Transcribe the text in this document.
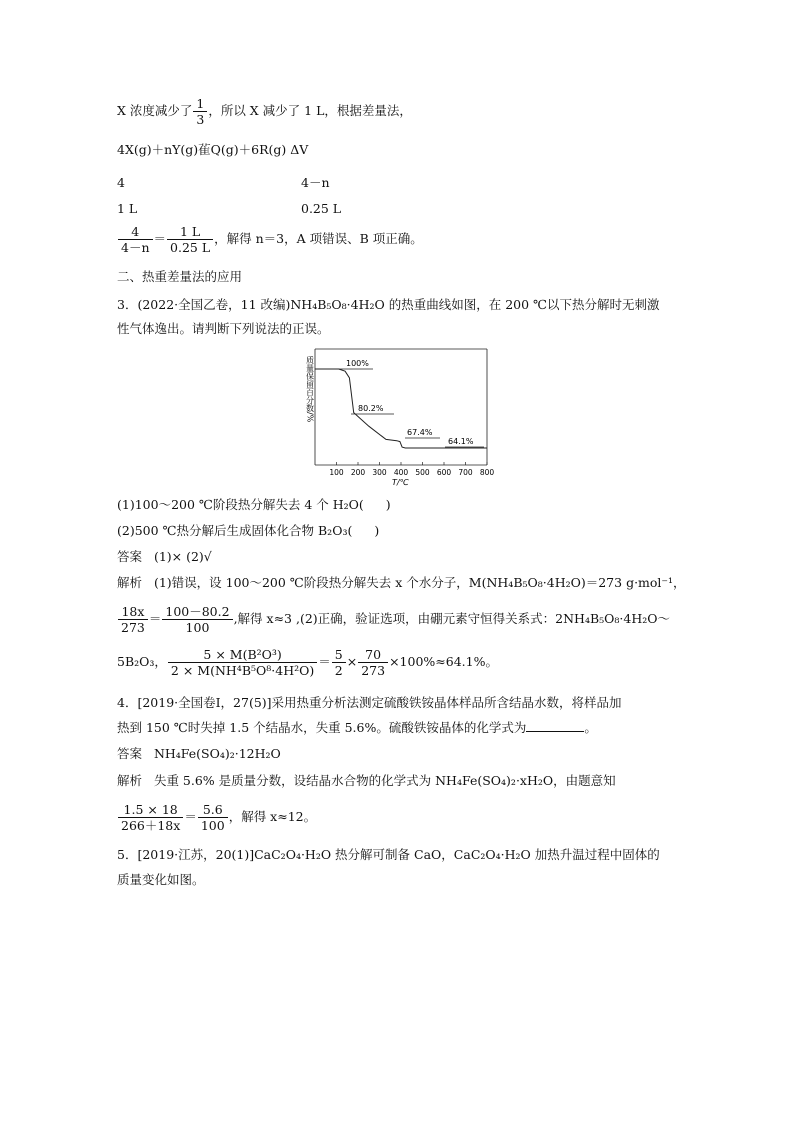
X 浓度减少了 $\frac{1}{3}$ ，所以 X 减少了 1 L，根据差量法，
4X(g)＋nY(g)雈Q(g)＋6R(g) ΔV
4	4－n
1 L	0.25 L
$\frac{4}{4-n} = \frac{1 L}{0.25 L}$ ，解得 n＝3，A 项错误、B 项正确。
二、热重差量法的应用
3．(2022·全国乙卷，11 改编)NH₄B₅O₈·4H₂O 的热重曲线如图，在 200 ℃以下热分解时无刺激
性气体逸出。请判断下列说法的正误。
100 200 300 400 500 600 700 800
100%
80.2%
67.4%
64.1%
质量保留百分数/%
T/℃
(1)100～200 ℃阶段热分解失去 4 个 H₂O( )
(2)500 ℃热分解后生成固体化合物 B₂O₃( )
答案 (1)× (2)√
解析 (1)错误，设 100～200 ℃阶段热分解失去 x 个水分子，M(NH₄B₅O₈·4H₂O)＝273 g·mol⁻¹，
$\frac{18x}{273} = \frac{100-80.2}{100}$ ,解得 x≈3 ,(2)正确，验证选项，由硼元素守恒得关系式：2NH₄B₅O₈·4H₂O～
5B₂O₃， $\frac{\text{5 × M(B²O³)}}{\text{2 × M(NH⁴B⁵O⁸·4H²O)}} = \frac{5}{2} \times \frac{70}{273} \times 100\%\approx 64.1\%$。
4．[2019·全国卷Ⅰ，27(5)]采用热重分析法测定硫酸铁铵晶体样品所含结晶水数，将样品加
热到 150 ℃时失掉 1.5 个结晶水，失重 5.6%。硫酸铁铵晶体的化学式为	。
答案 NH₄Fe(SO₄)₂·12H₂O
解析 失重 5.6% 是质量分数，设结晶水合物的化学式为 NH₄Fe(SO₄)₂·xH₂O，由题意知
$\frac{1.5 \times 18}{266+18x} = \frac{5.6}{100}$ ，解得 x≈12。
5．[2019·江苏，20(1)]CaC₂O₄·H₂O 热分解可制备 CaO，CaC₂O₄·H₂O 加热升温过程中固体的
质量变化如图。
